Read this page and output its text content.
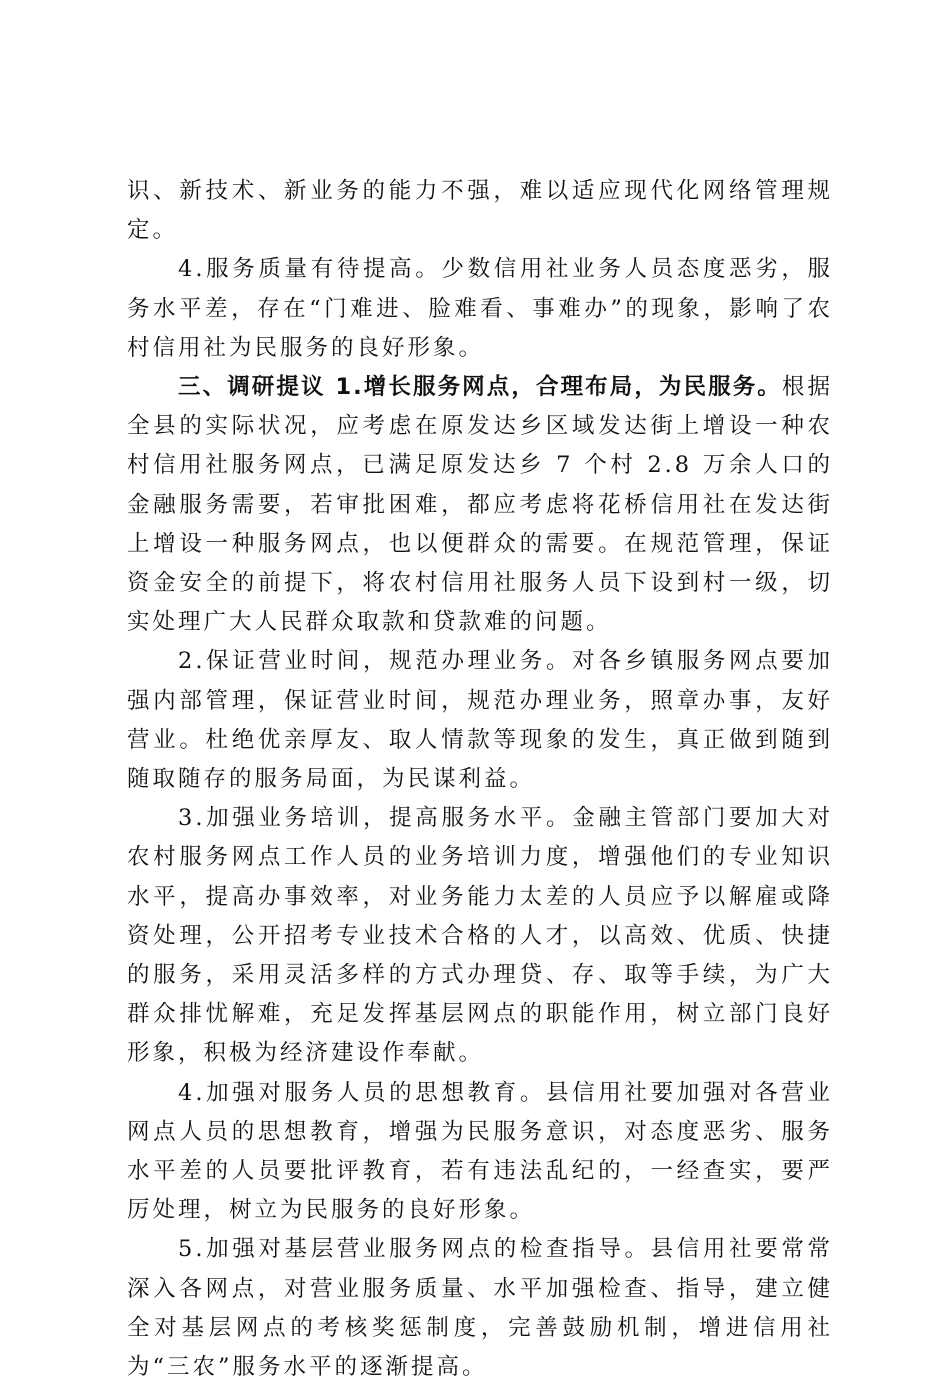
识、新技术、新业务的能力不强，难以适应现代化网络管理规定。

4.服务质量有待提高。少数信用社业务人员态度恶劣，服务水平差，存在“门难进、脸难看、事难办”的现象，影响了农村信用社为民服务的良好形象。

三、调研提议 1.增长服务网点，合理布局，为民服务。根据全县的实际状况，应考虑在原发达乡区域发达街上增设一种农村信用社服务网点，已满足原发达乡 7 个村 2.8 万余人口的金融服务需要，若审批困难，都应考虑将花桥信用社在发达街上增设一种服务网点，也以便群众的需要。在规范管理，保证资金安全的前提下，将农村信用社服务人员下设到村一级，切实处理广大人民群众取款和贷款难的问题。

2.保证营业时间，规范办理业务。对各乡镇服务网点要加强内部管理，保证营业时间，规范办理业务，照章办事，友好营业。杜绝优亲厚友、取人情款等现象的发生，真正做到随到随取随存的服务局面，为民谋利益。

3.加强业务培训，提高服务水平。金融主管部门要加大对农村服务网点工作人员的业务培训力度，增强他们的专业知识水平，提高办事效率，对业务能力太差的人员应予以解雇或降资处理，公开招考专业技术合格的人才，以高效、优质、快捷的服务，采用灵活多样的方式办理贷、存、取等手续，为广大群众排忧解难，充足发挥基层网点的职能作用，树立部门良好形象，积极为经济建设作奉献。

4.加强对服务人员的思想教育。县信用社要加强对各营业网点人员的思想教育，增强为民服务意识，对态度恶劣、服务水平差的人员要批评教育，若有违法乱纪的，一经查实，要严厉处理，树立为民服务的良好形象。

5.加强对基层营业服务网点的检查指导。县信用社要常常深入各网点，对营业服务质量、水平加强检查、指导，建立健全对基层网点的考核奖惩制度，完善鼓励机制，增进信用社为“三农”服务水平的逐渐提高。
